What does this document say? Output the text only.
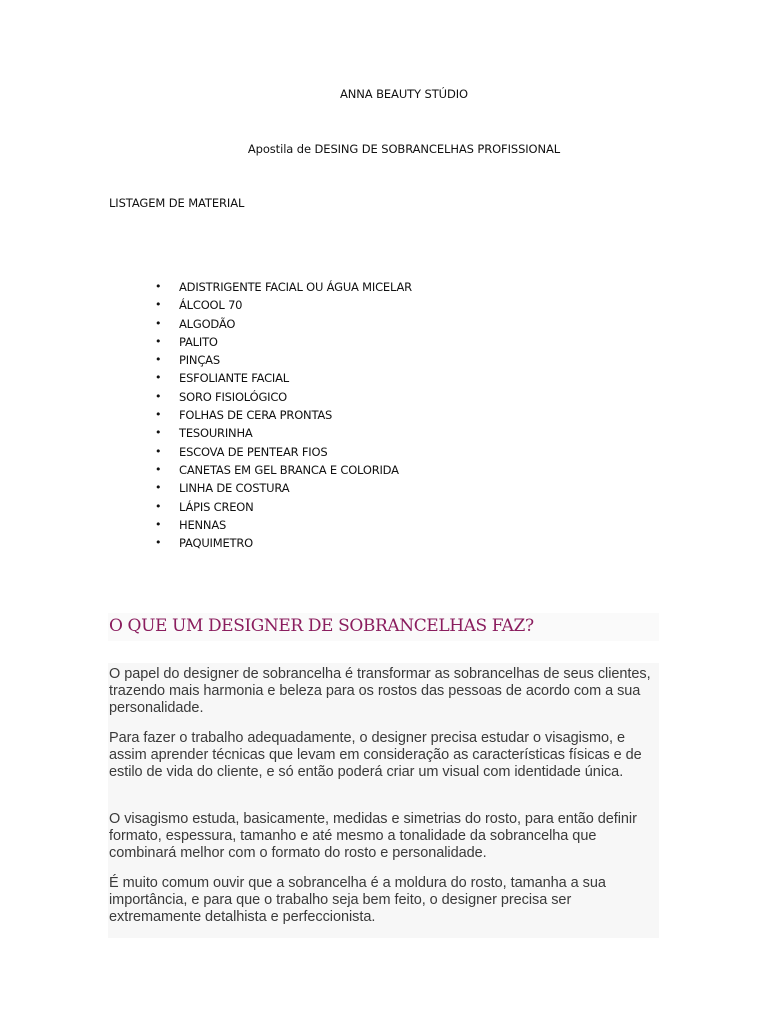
ANNA BEAUTY STÚDIO
Apostila de DESING DE SOBRANCELHAS PROFISSIONAL
LISTAGEM DE MATERIAL
• ADISTRIGENTE FACIAL OU ÁGUA MICELAR
• ÁLCOOL 70
• ALGODÃO
• PALITO
• PINÇAS
• ESFOLIANTE FACIAL
• SORO FISIOLÓGICO
• FOLHAS DE CERA PRONTAS
• TESOURINHA
• ESCOVA DE PENTEAR FIOS
• CANETAS EM GEL BRANCA E COLORIDA
• LINHA DE COSTURA
• LÁPIS CREON
• HENNAS
• PAQUIMETRO
O QUE UM DESIGNER DE SOBRANCELHAS FAZ?

O papel do designer de sobrancelha é transformar as sobrancelhas de seus clientes, trazendo mais harmonia e beleza para os rostos das pessoas de acordo com a sua personalidade.

Para fazer o trabalho adequadamente, o designer precisa estudar o visagismo, e assim aprender técnicas que levam em consideração as características físicas e de estilo de vida do cliente, e só então poderá criar um visual com identidade única.

O visagismo estuda, basicamente, medidas e simetrias do rosto, para então definir formato, espessura, tamanho e até mesmo a tonalidade da sobrancelha que combinará melhor com o formato do rosto e personalidade.

É muito comum ouvir que a sobrancelha é a moldura do rosto, tamanha a sua importância, e para que o trabalho seja bem feito, o designer precisa ser extremamente detalhista e perfeccionista.
